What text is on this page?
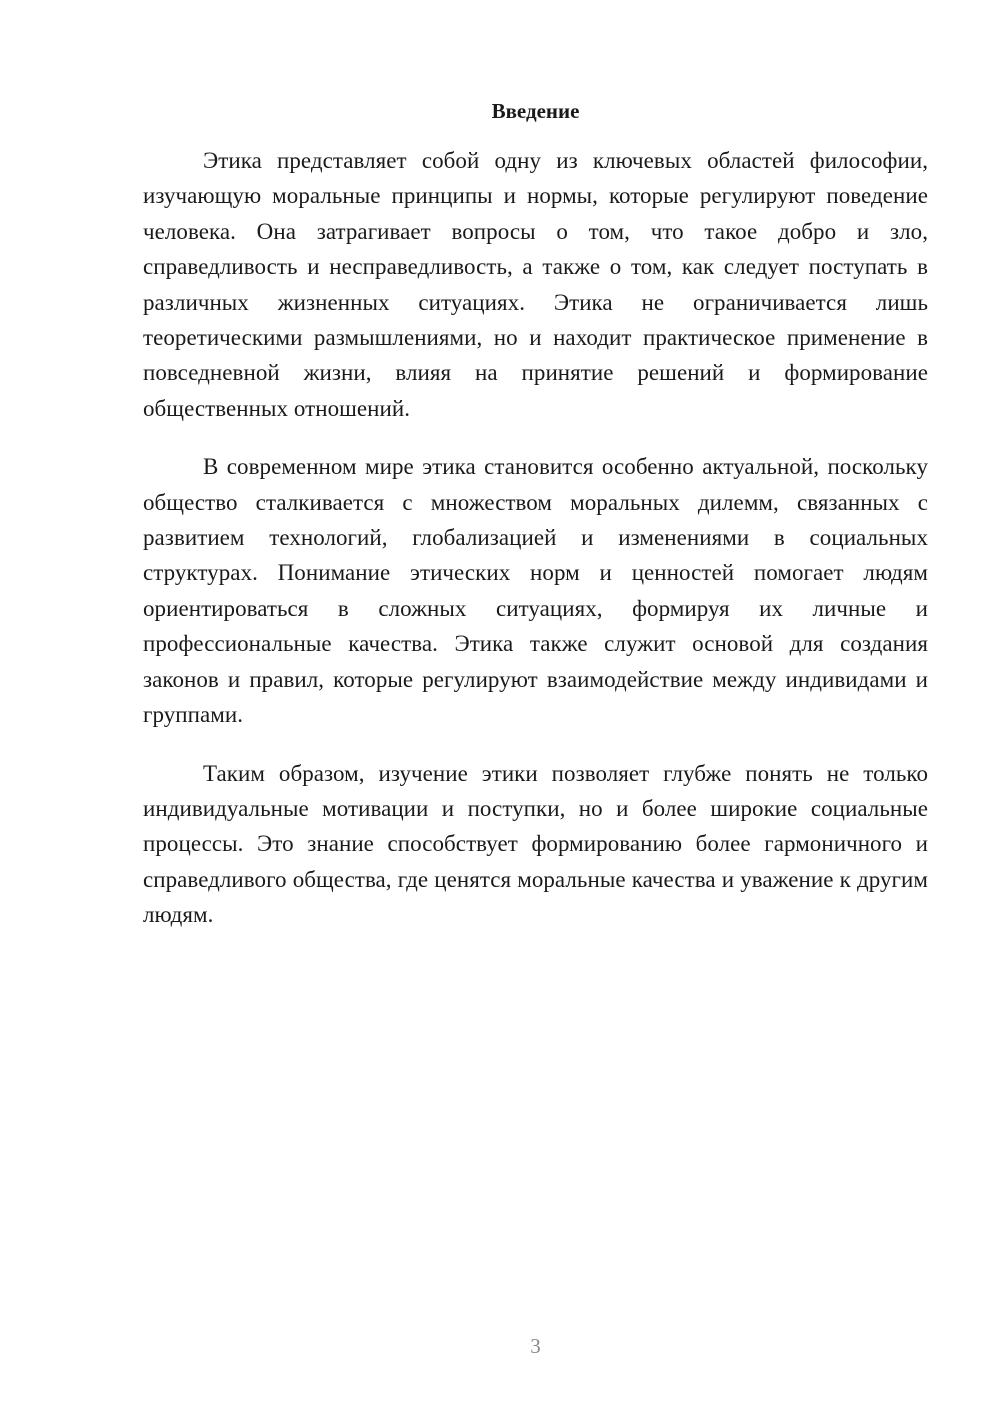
Введение

Этика представляет собой одну из ключевых областей философии, изучающую моральные принципы и нормы, которые регулируют поведение человека. Она затрагивает вопросы о том, что такое добро и зло, справедливость и несправедливость, а также о том, как следует поступать в различных жизненных ситуациях. Этика не ограничивается лишь теоретическими размышлениями, но и находит практическое применение в повседневной жизни, влияя на принятие решений и формирование общественных отношений.

В современном мире этика становится особенно актуальной, поскольку общество сталкивается с множеством моральных дилемм, связанных с развитием технологий, глобализацией и изменениями в социальных структурах. Понимание этических норм и ценностей помогает людям ориентироваться в сложных ситуациях, формируя их личные и профессиональные качества. Этика также служит основой для создания законов и правил, которые регулируют взаимодействие между индивидами и группами.

Таким образом, изучение этики позволяет глубже понять не только индивидуальные мотивации и поступки, но и более широкие социальные процессы. Это знание способствует формированию более гармоничного и справедливого общества, где ценятся моральные качества и уважение к другим людям.

3
